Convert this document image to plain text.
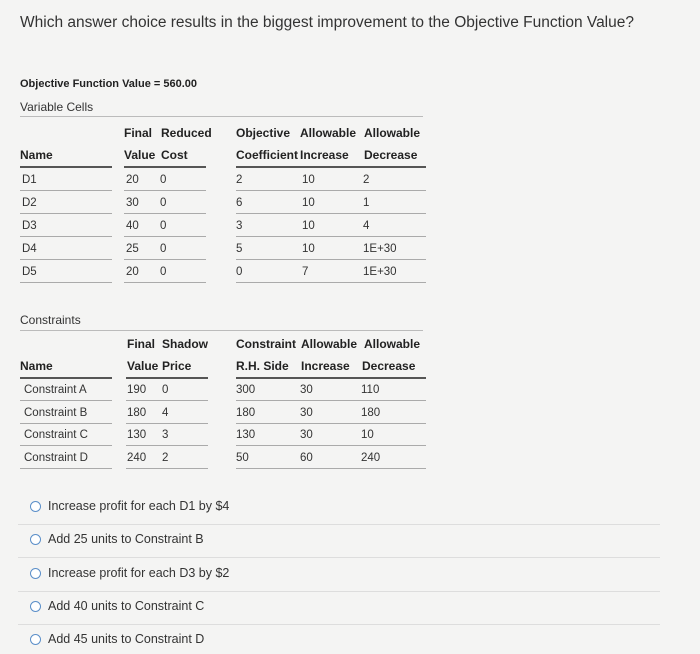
Which answer choice results in the biggest improvement to the Objective Function Value?
Objective Function Value = 560.00
Variable Cells
Final Reduced Objective Allowable Allowable
Name	Value Cost	Coefficient Increase Decrease
D1	20 0	2	10	2
D2	30 0	6	10	1
D3	40 0	3	10	4
D4	25 0	5	10	1E+30
D5	20 0	0	7	1E+30
Constraints
Final Shadow Constraint Allowable Allowable
Name	Value Price	R.H. Side Increase Decrease
Constraint A	190 0	300	30	110
Constraint B	180 4	180	30	180
Constraint C	130 3	130	30	10
Constraint D	240 2	50	60	240
Increase profit for each D1 by $4
Add 25 units to Constraint B
Increase profit for each D3 by $2
Add 40 units to Constraint C
Add 45 units to Constraint D
